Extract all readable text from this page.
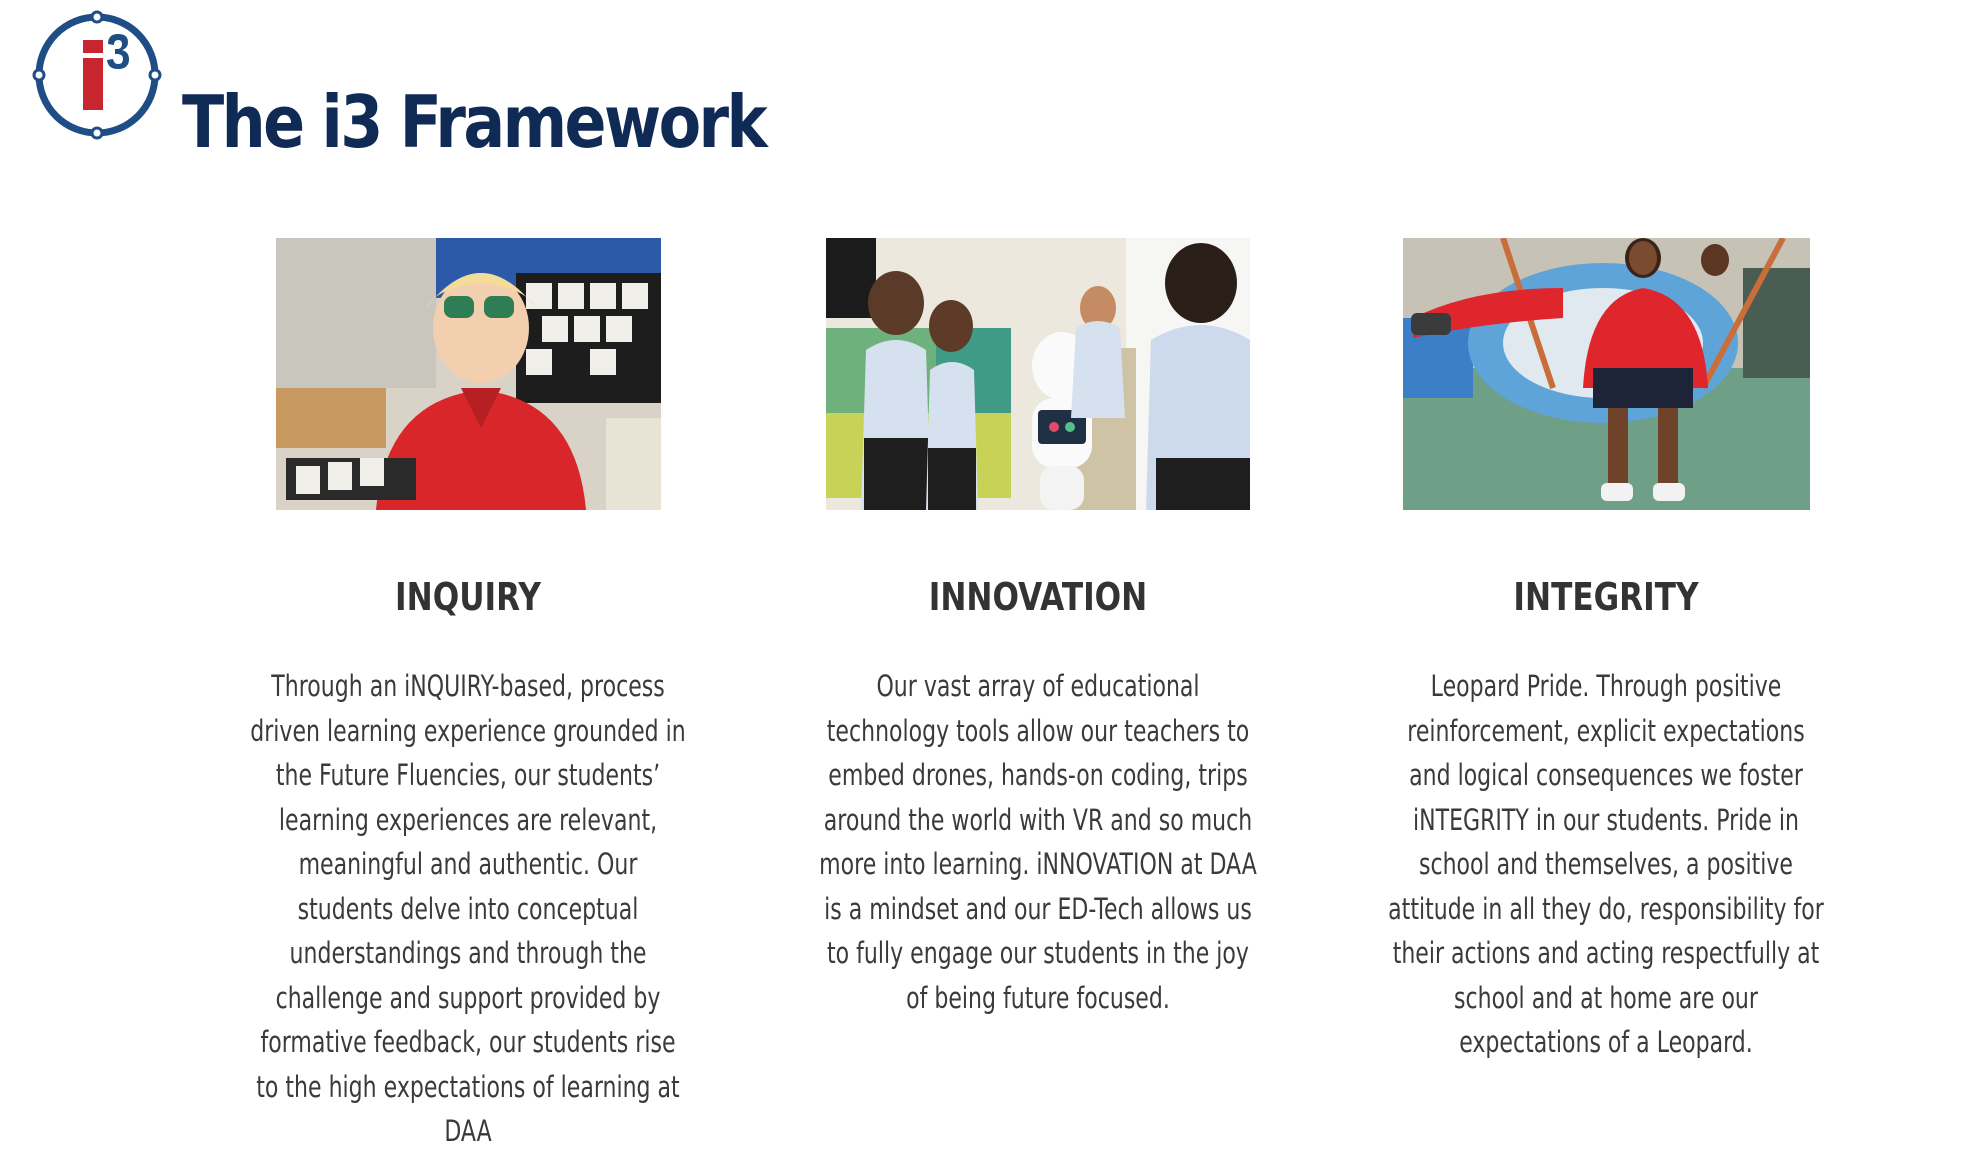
The i3 Framework
INQUIRY

Through an iNQUIRY-based, process driven learning experience grounded in the Future Fluencies, our students’ learning experiences are relevant, meaningful and authentic. Our students delve into conceptual understandings and through the challenge and support provided by formative feedback, our students rise to the high expectations of learning at DAA

INNOVATION

Our vast array of educational technology tools allow our teachers to embed drones, hands-on coding, trips around the world with VR and so much more into learning. iNNOVATION at DAA is a mindset and our ED-Tech allows us to fully engage our students in the joy of being future focused.

INTEGRITY

Leopard Pride. Through positive reinforcement, explicit expectations and logical consequences we foster iNTEGRITY in our students. Pride in school and themselves, a positive attitude in all they do, responsibility for their actions and acting respectfully at school and at home are our expectations of a Leopard.
